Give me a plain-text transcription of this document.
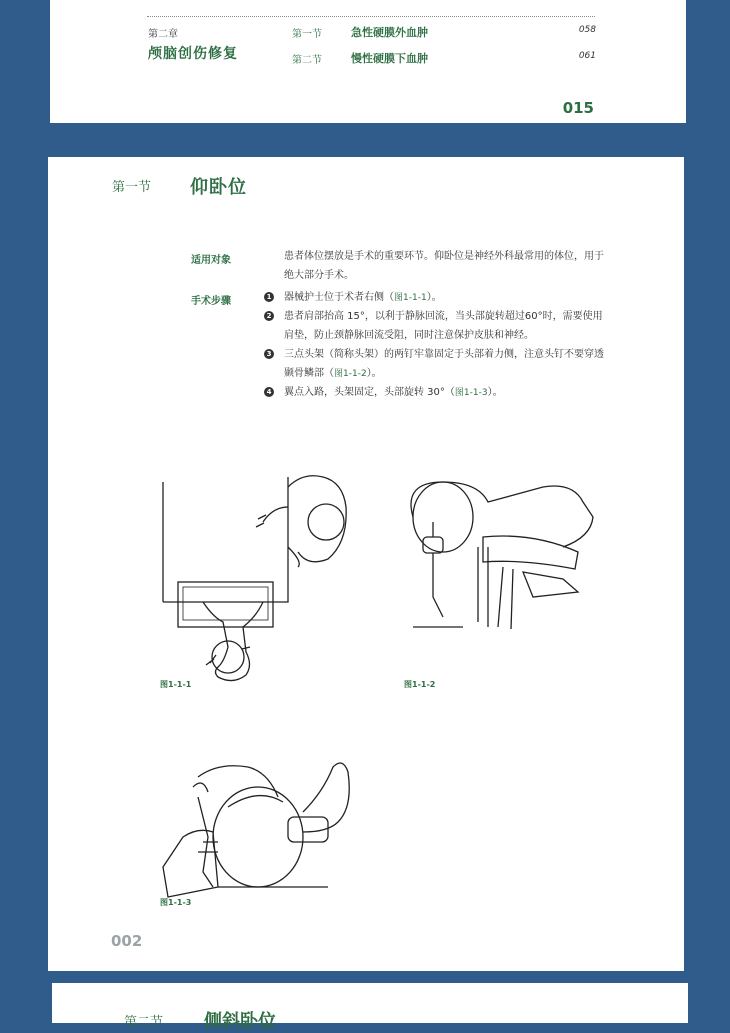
第二章
颅脑创伤修复
第一节	急性硬膜外血肿	058
第二节	慢性硬膜下血肿	061
015
第一节 仰卧位
适用对象	患者体位摆放是手术的重要环节。仰卧位是神经外科最常用的体位，用于绝大部分手术。
手术步骤	1 器械护士位于术者右侧（图1-1-1）。
2 患者肩部抬高 15°，以利于静脉回流，当头部旋转超过60°时，需要使用肩垫，防止颈静脉回流受阻，同时注意保护皮肤和神经。
3 三点头架（简称头架）的两钉牢靠固定于头部着力侧，注意头钉不要穿透颞骨鳞部（图1-1-2）。
4 翼点入路，头架固定，头部旋转 30°（图1-1-3）。
图1-1-1	图1-1-2
图1-1-3
002
第二节 侧斜卧位
